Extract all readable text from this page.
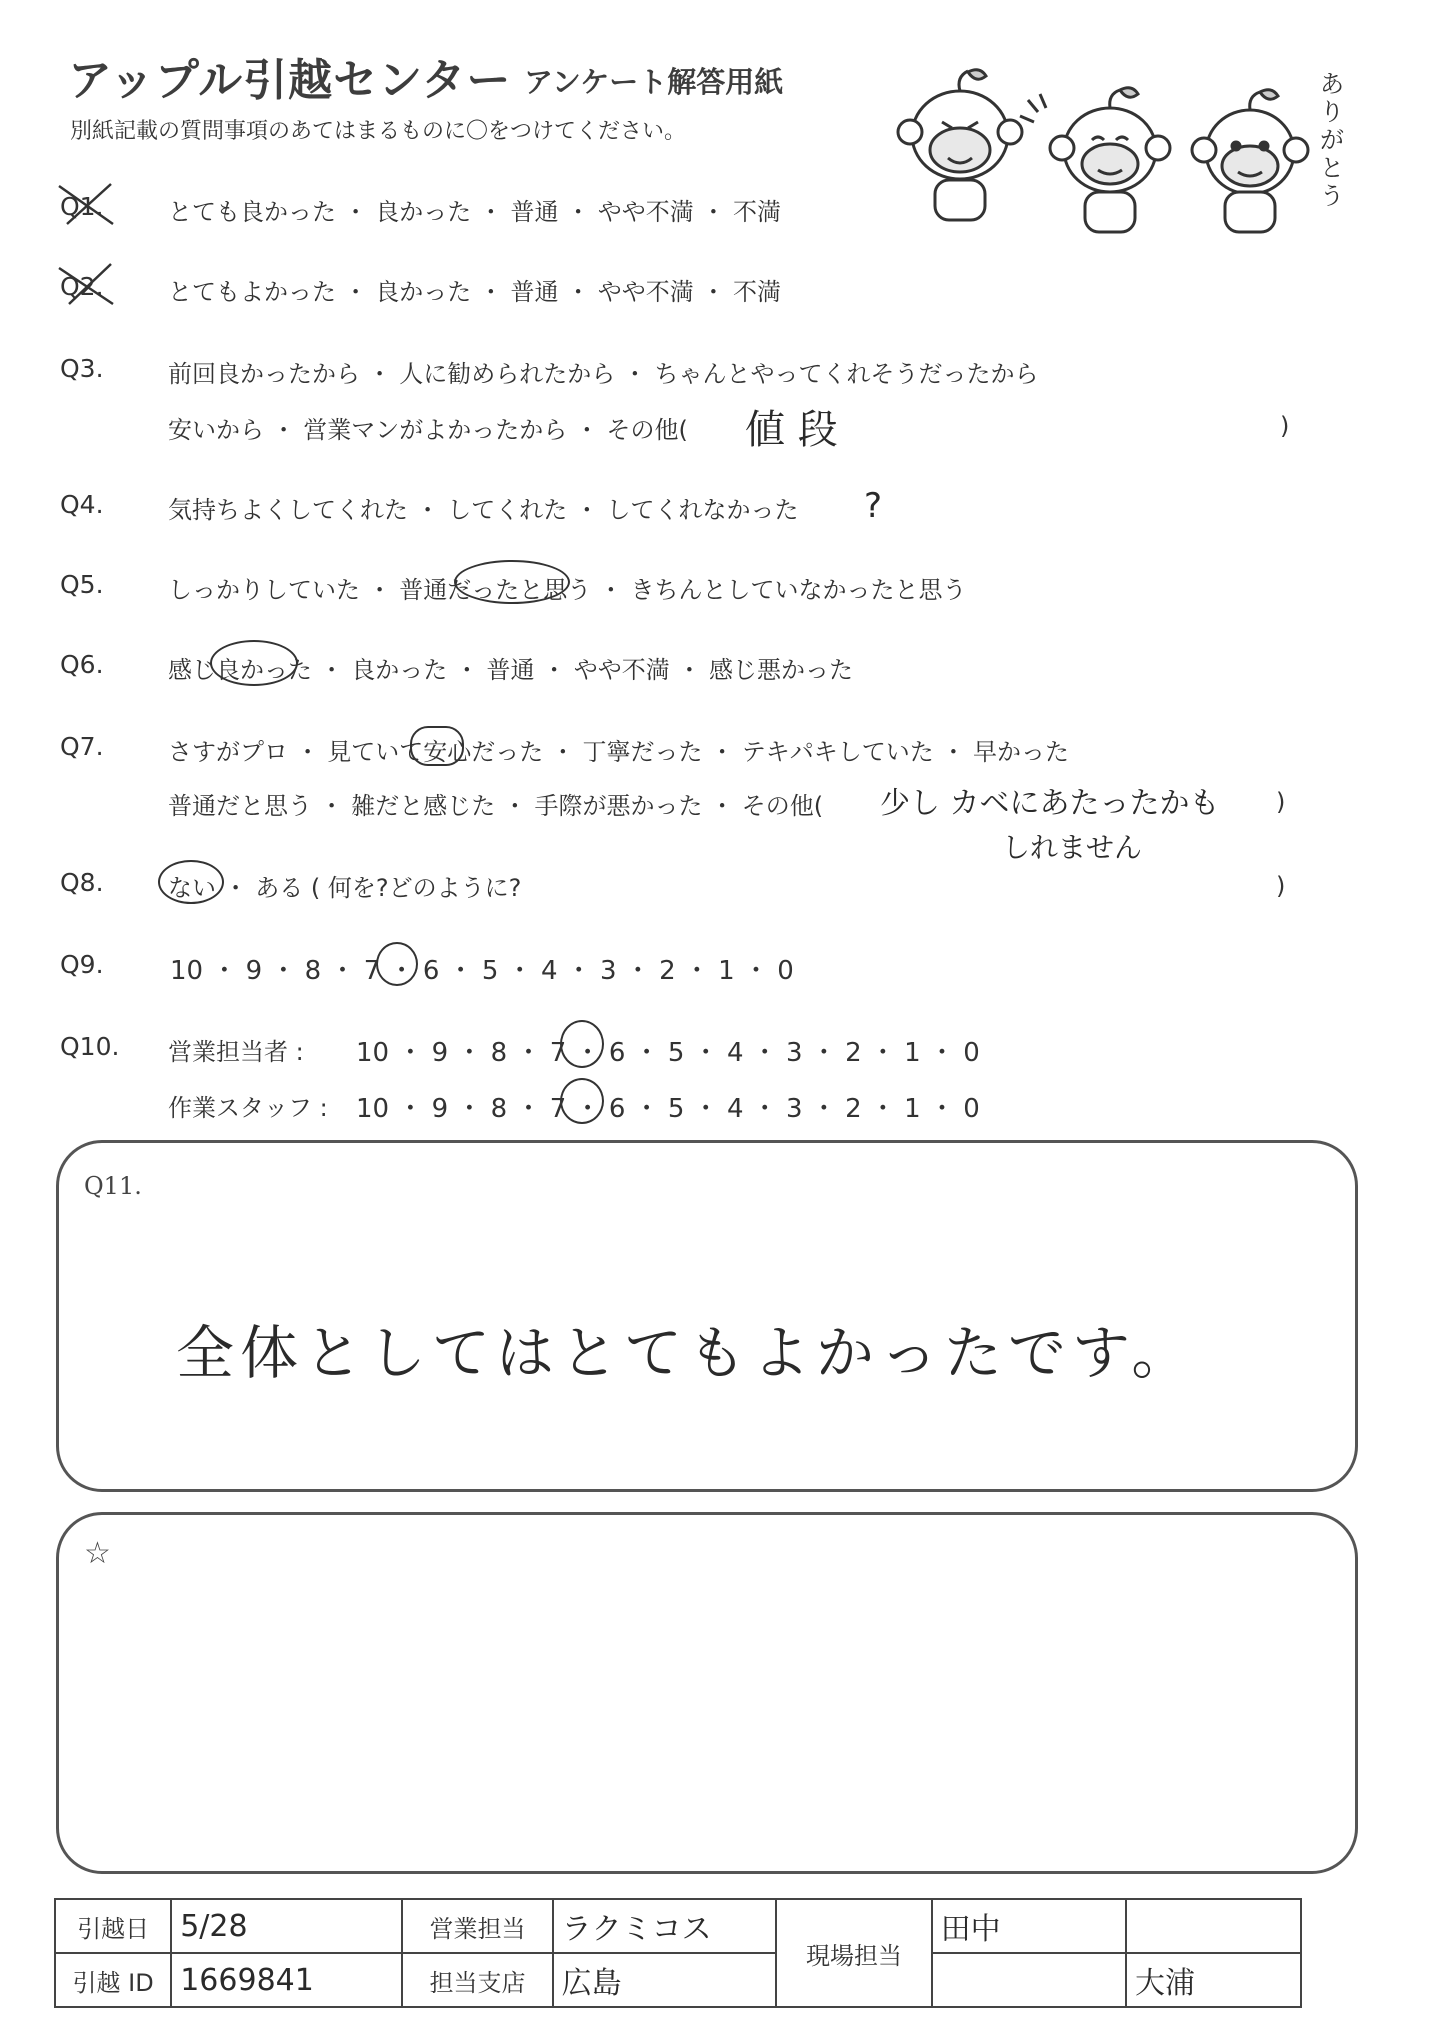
アップル引越センター アンケート解答用紙
別紙記載の質問事項のあてはまるものに〇をつけてください。
ありがとう
Q1.	とても良かった ・ 良かった ・ 普通 ・ やや不満 ・ 不満
Q2.	とてもよかった ・ 良かった ・ 普通 ・ やや不満 ・ 不満
Q3.	前回良かったから ・ 人に勧められたから ・ ちゃんとやってくれそうだったから
安いから ・ 営業マンがよかったから ・ その他( 値 段	)
Q4.	気持ちよくしてくれた ・ してくれた ・ してくれなかった ?
Q5.	しっかりしていた ・ 普通だったと思う ・ きちんとしていなかったと思う
Q6.	感じ良かった ・ 良かった ・ 普通 ・ やや不満 ・ 感じ悪かった
Q7.	さすがプロ ・ 見ていて安心だった ・ 丁寧だった ・ テキパキしていた ・ 早かった
普通だと思う ・ 雑だと感じた ・ 手際が悪かった ・ その他( 少し カベにあたったかも )
しれません
Q8.	ない ・ ある ( 何を?どのように?	)
Q9.	10 ・ 9 ・ 8 ・ 7 ・ 6 ・ 5 ・ 4 ・ 3 ・ 2 ・ 1 ・ 0
Q10. 営業担当者 : 10 ・ 9 ・ 8 ・ 7 ・ 6 ・ 5 ・ 4 ・ 3 ・ 2 ・ 1 ・ 0
作業スタッフ : 10 ・ 9 ・ 8 ・ 7 ・ 6 ・ 5 ・ 4 ・ 3 ・ 2 ・ 1 ・ 0
Q11.
全体としてはとてもよかったです。
☆
引越日	5/28	営業担当	ラクミコス	現場担当	田中	
引越 ID	1669841	担当支店	広島			大浦
